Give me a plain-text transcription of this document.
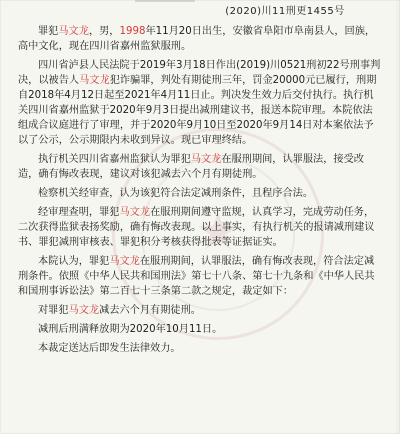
★
(2020)川11刑更1455号

罪犯马文龙，男，1998年11月20日出生，安徽省阜阳市阜南县人，回族，高中文化，现在四川省嘉州监狱服刑。

四川省泸县人民法院于2019年3月18日作出(2019)川0521刑初22号刑事判决，以被告人马文龙犯诈骗罪，判处有期徒刑三年，罚金20000元已履行，刑期自2018年4月12日起至2021年4月11日止。判决发生效力后交付执行。执行机关四川省嘉州监狱于2020年9月3日提出减刑建议书，报送本院审理。本院依法组成合议庭进行了审理，并于2020年9月10日至2020年9月14日对本案依法予以了公示，公示期限内未收到异议。现已审理终结。

执行机关四川省嘉州监狱认为罪犯马文龙在服刑期间，认罪服法，接受改造，确有悔改表现，建议对该犯减去六个月有期徒刑。

检察机关经审查，认为该犯符合法定减刑条件，且程序合法。

经审理查明，罪犯马文龙在服刑期间遵守监规，认真学习，完成劳动任务，二次获得监狱表扬奖励，确有悔改表现。以上事实，有执行机关的报请减刑建议书、罪犯减刑审核表、罪犯积分考核获得批表等证据证实。

本院认为，罪犯马文龙在服刑期间，认罪服法，确有悔改表现，符合法定减刑条件。依照《中华人民共和国刑法》第七十八条、第七十九条和《中华人民共和国刑事诉讼法》第二百七十三条第二款之规定，裁定如下：

对罪犯马文龙减去六个月有期徒刑。

减刑后刑满释放期为2020年10月11日。

本裁定送达后即发生法律效力。
